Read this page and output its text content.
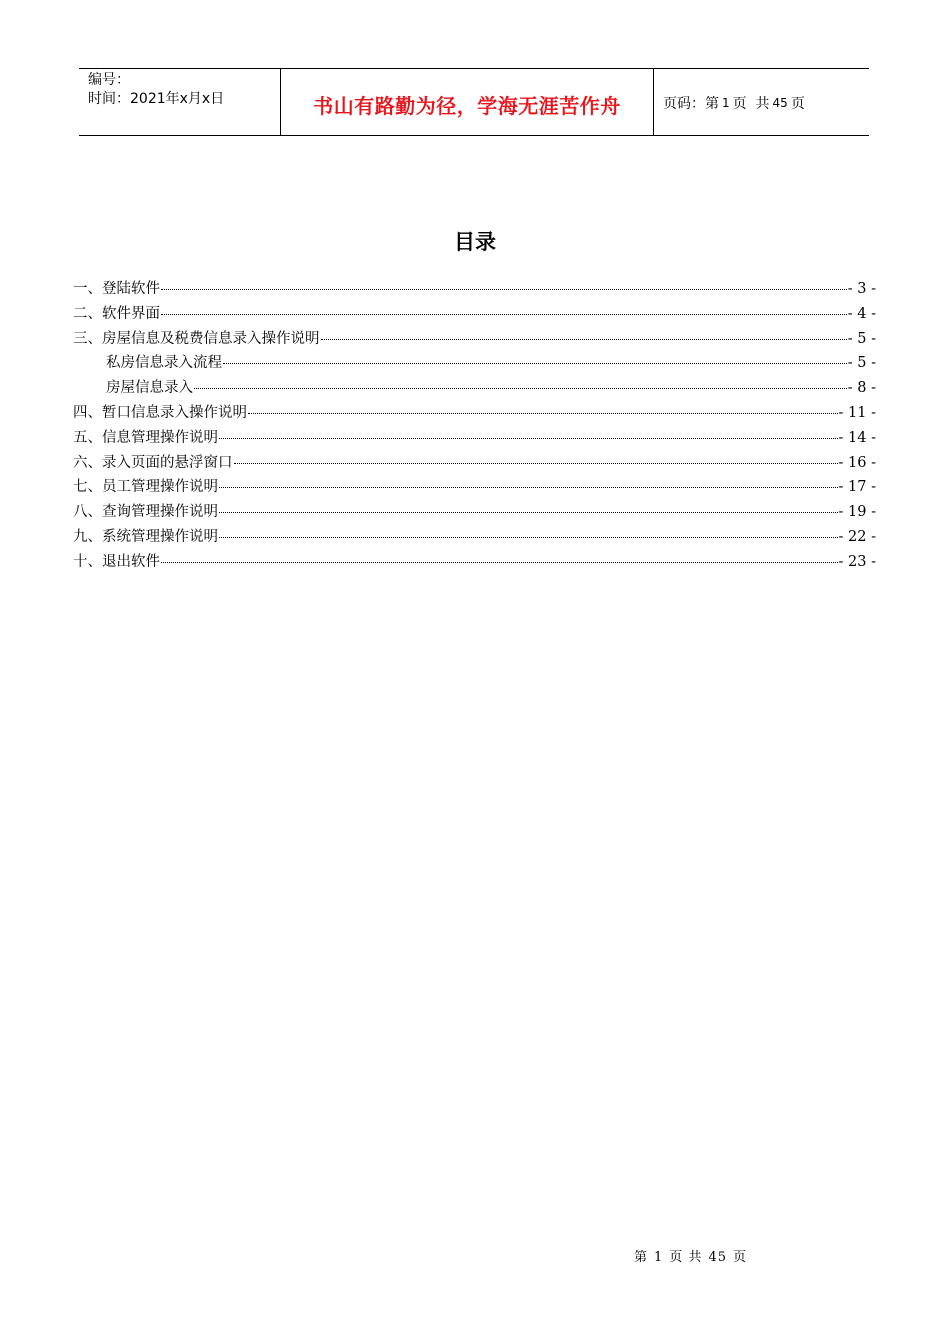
编号：
时间：2021年x月x日	书山有路勤为径，学海无涯苦作舟	页码：第 1 页  共 45 页
目录
一、登陆软件	- 3 -
二、软件界面	- 4 -
三、房屋信息及税费信息录入操作说明	- 5 -
私房信息录入流程	- 5 -
房屋信息录入	- 8 -
四、暂口信息录入操作说明	- 11 -
五、信息管理操作说明	- 14 -
六、录入页面的悬浮窗口	- 16 -
七、员工管理操作说明	- 17 -
八、查询管理操作说明	- 19 -
九、系统管理操作说明	- 22 -
十、退出软件	- 23 -
第 1 页 共 45 页
